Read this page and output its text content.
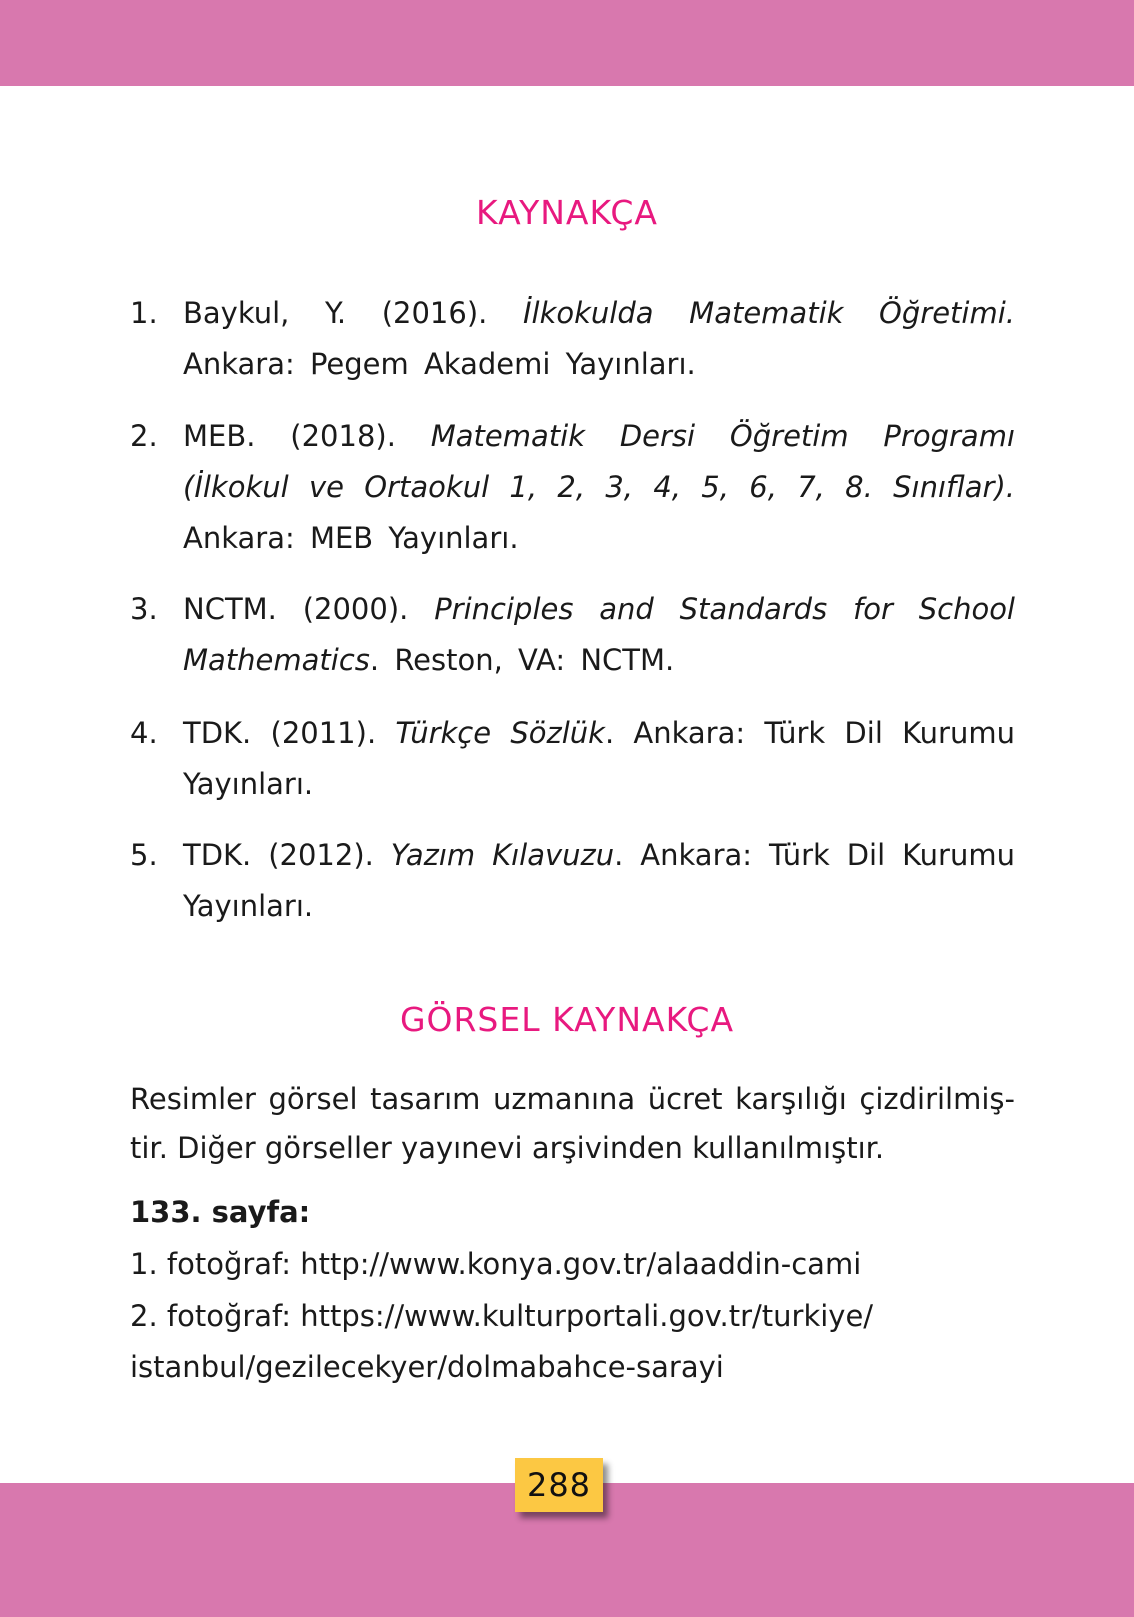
KAYNAKÇA
1. Baykul, Y. (2016). İlkokulda Matematik Öğretimi. Ankara: Pegem Akademi Yayınları.
2. MEB. (2018). Matematik Dersi Öğretim Programı (İlkokul ve Ortaokul 1, 2, 3, 4, 5, 6, 7, 8. Sınıflar). Ankara: MEB Yayınları.
3. NCTM. (2000). Principles and Standards for School Mathematics. Reston, VA: NCTM.
4. TDK. (2011). Türkçe Sözlük. Ankara: Türk Dil Kurumu Yayınları.
5. TDK. (2012). Yazım Kılavuzu. Ankara: Türk Dil Kurumu Yayınları.
GÖRSEL KAYNAKÇA
Resimler görsel tasarım uzmanına ücret karşılığı çizdirilmiş-tir. Diğer görseller yayınevi arşivinden kullanılmıştır.
133. sayfa:
1. fotoğraf: http://www.konya.gov.tr/alaaddin-cami
2. fotoğraf: https://www.kulturportali.gov.tr/turkiye/
istanbul/gezilecekyer/dolmabahce-sarayi
288
